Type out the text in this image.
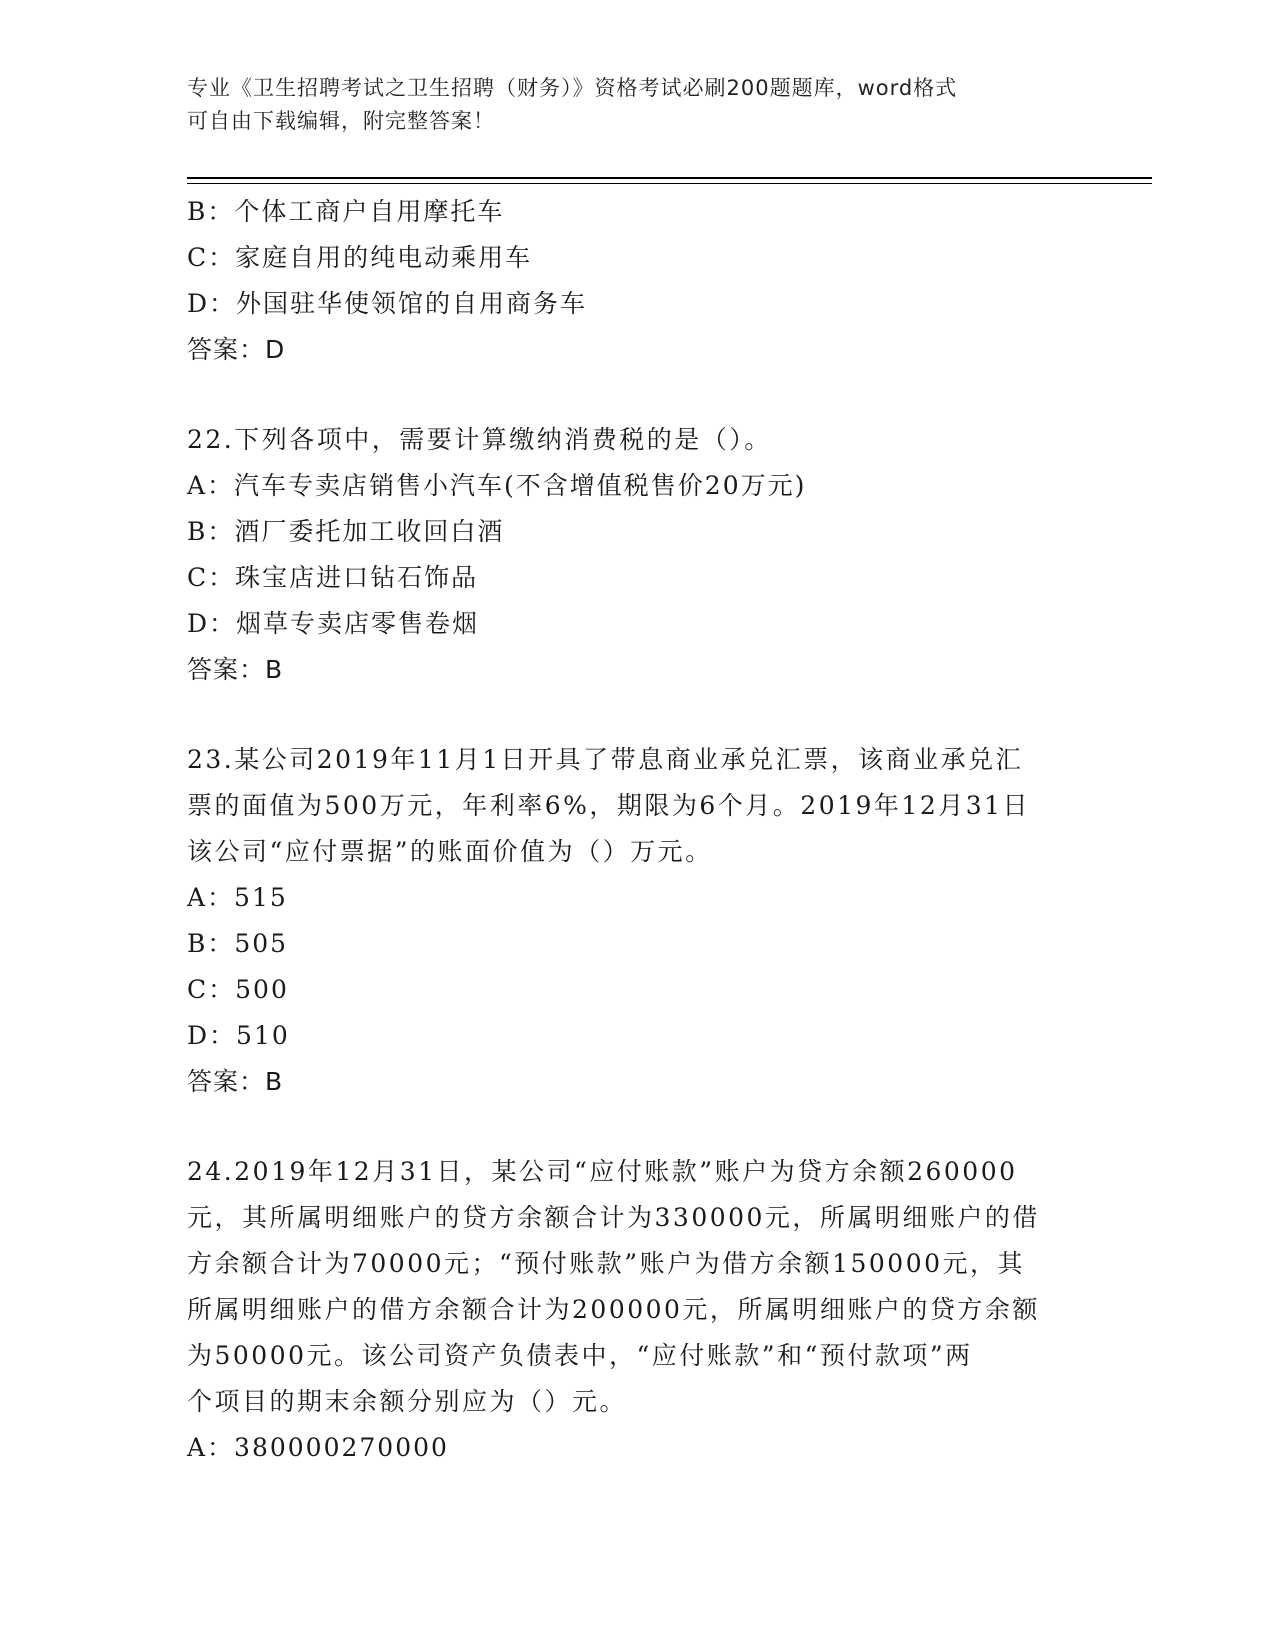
专业《卫生招聘考试之卫生招聘（财务）》资格考试必刷200题题库，word格式
可自由下载编辑，附完整答案！
B：个体工商户自用摩托车
C：家庭自用的纯电动乘用车
D：外国驻华使领馆的自用商务车
答案：D
22.下列各项中，需要计算缴纳消费税的是（）。
A：汽车专卖店销售小汽车(不含增值税售价20万元)
B：酒厂委托加工收回白酒
C：珠宝店进口钻石饰品
D：烟草专卖店零售卷烟
答案：B
23.某公司2019年11月1日开具了带息商业承兑汇票，该商业承兑汇
票的面值为500万元，年利率6%，期限为6个月。2019年12月31日
该公司“应付票据”的账面价值为（）万元。
A：515
B：505
C：500
D：510
答案：B
24.2019年12月31日，某公司“应付账款”账户为贷方余额260000
元，其所属明细账户的贷方余额合计为330000元，所属明细账户的借
方余额合计为70000元；“预付账款”账户为借方余额150000元，其
所属明细账户的借方余额合计为200000元，所属明细账户的贷方余额
为50000元。该公司资产负债表中，“应付账款”和“预付款项”两
个项目的期末余额分别应为（）元。
A：380000270000
